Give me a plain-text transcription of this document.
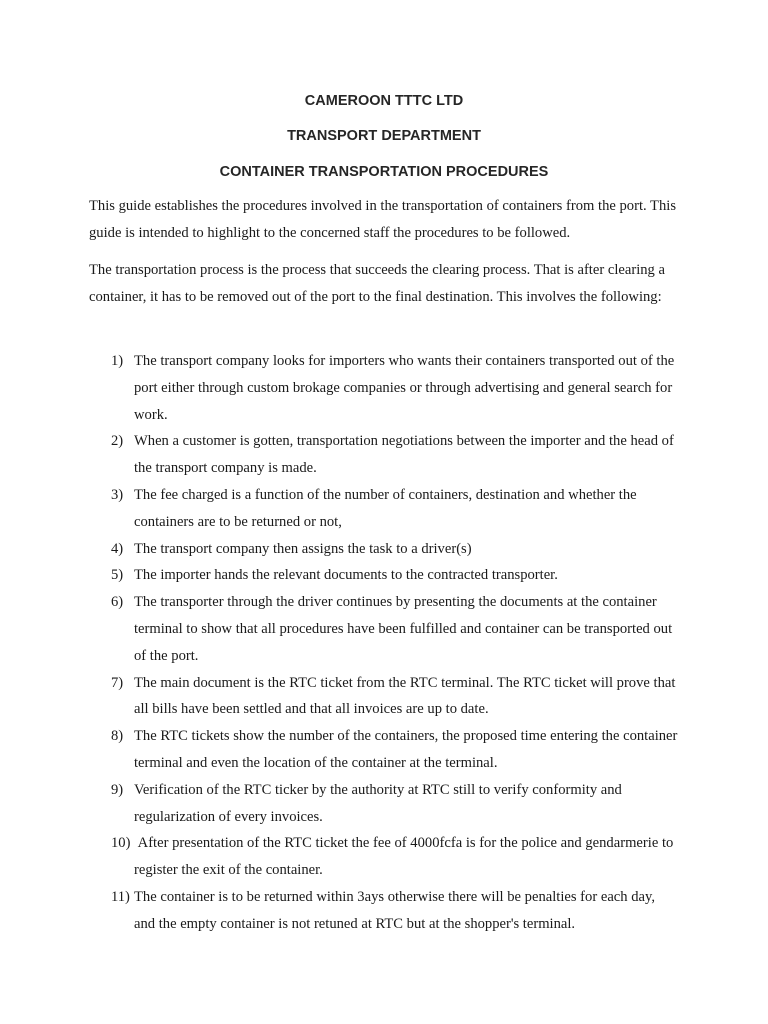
CAMEROON TTTC LTD
TRANSPORT DEPARTMENT
CONTAINER TRANSPORTATION PROCEDURES

This guide establishes the procedures involved in the transportation of containers from the port. This guide is intended to highlight to the concerned staff the procedures to be followed.

The transportation process is the process that succeeds the clearing process. That is after clearing a container, it has to be removed out of the port to the final destination. This involves the following:

1) The transport company looks for importers who wants their containers transported out of the port either through custom brokage companies or through advertising and general search for work.
2) When a customer is gotten, transportation negotiations between the importer and the head of the transport company is made.
3) The fee charged is a function of the number of containers, destination and whether the containers are to be returned or not,
4) The transport company then assigns the task to a driver(s)
5) The importer hands the relevant documents to the contracted transporter.
6) The transporter through the driver continues by presenting the documents at the container terminal to show that all procedures have been fulfilled and container can be transported out of the port.
7) The main document is the RTC ticket from the RTC terminal. The RTC ticket will prove that all bills have been settled and that all invoices are up to date.
8) The RTC tickets show the number of the containers, the proposed time entering the container terminal and even the location of the container at the terminal.
9) Verification of the RTC ticker by the authority at RTC still to verify conformity and regularization of every invoices.
10) After presentation of the RTC ticket the fee of 4000fcfa is for the police and gendarmerie to register the exit of the container.
11) The container is to be returned within 3ays otherwise there will be penalties for each day, and the empty container is not retuned at RTC but at the shopper's terminal.
